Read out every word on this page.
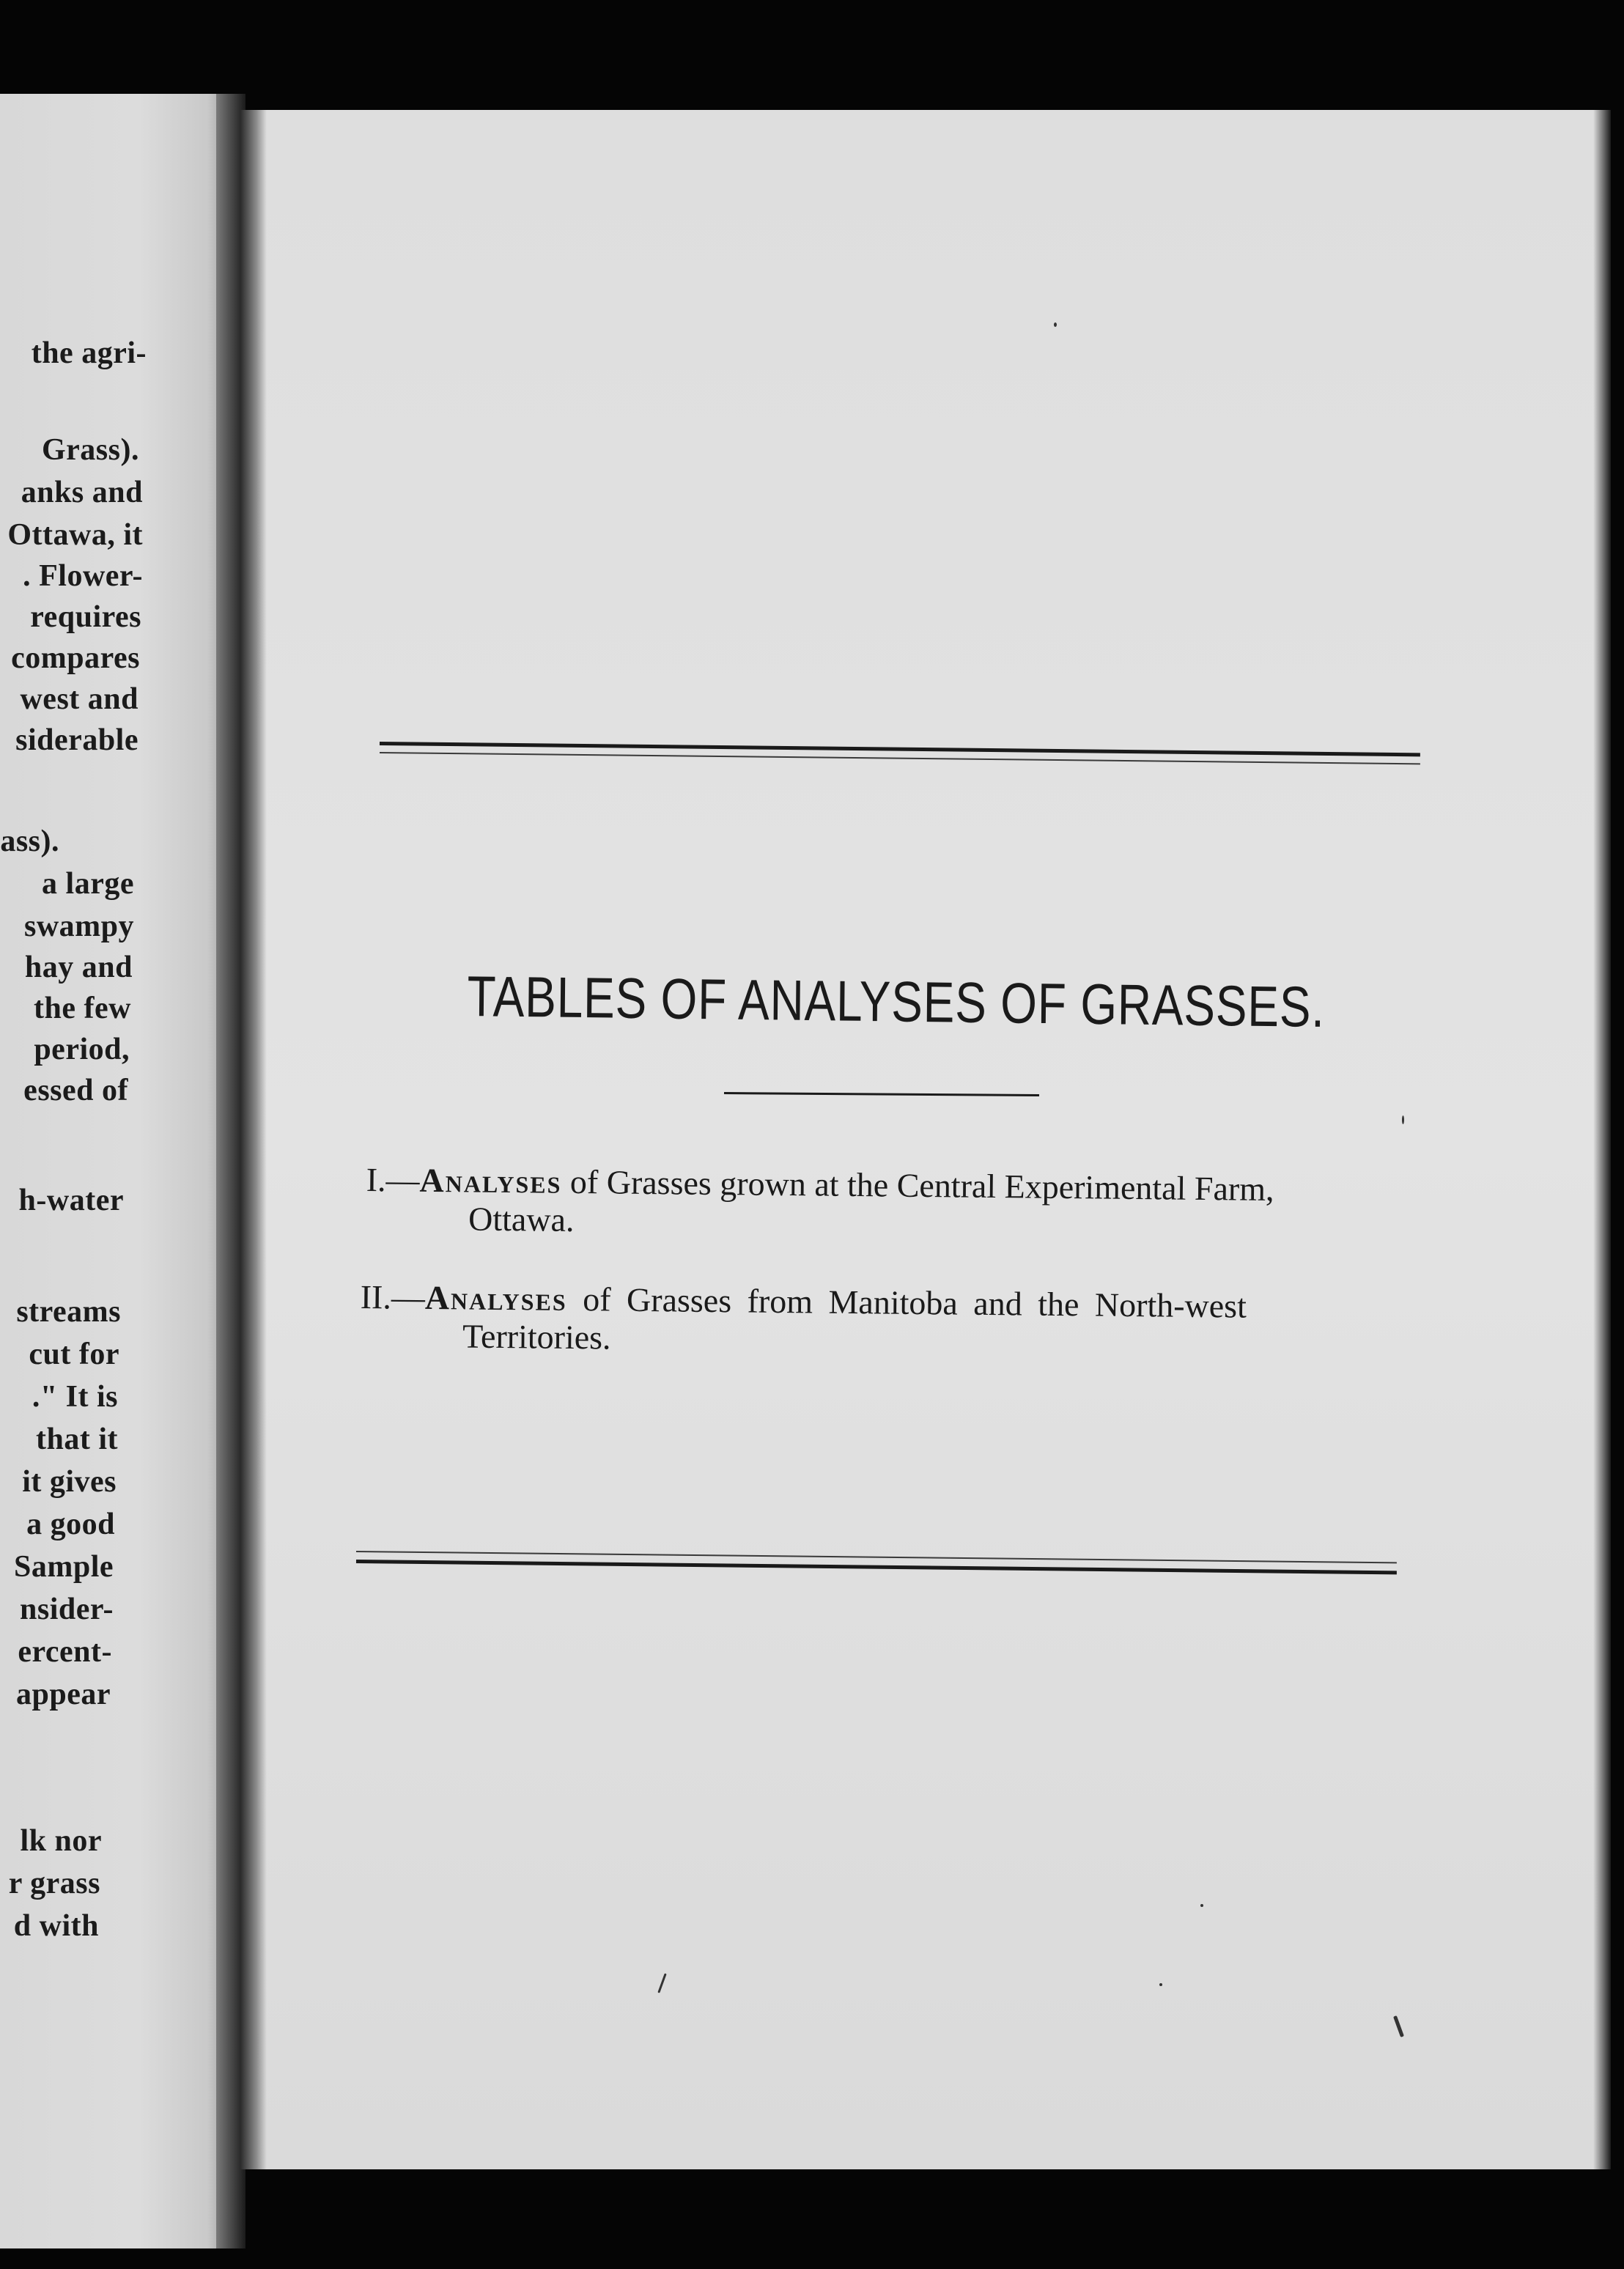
the agri-
Grass).
anks and
Ottawa, it
. Flower-
requires
compares
west and
siderable
ass).
a large
swampy
hay and
the few
period,
essed of
h-water
streams
cut for
." It is
that it
it gives
a good
Sample
nsider-
ercent-
appear
lk nor
r grass
d with
TABLES OF ANALYSES OF GRASSES.
I.—Analyses of Grasses grown at the Central Experimental Farm,
Ottawa.
II.—Analyses of Grasses from Manitoba and the North-west
Territories.
